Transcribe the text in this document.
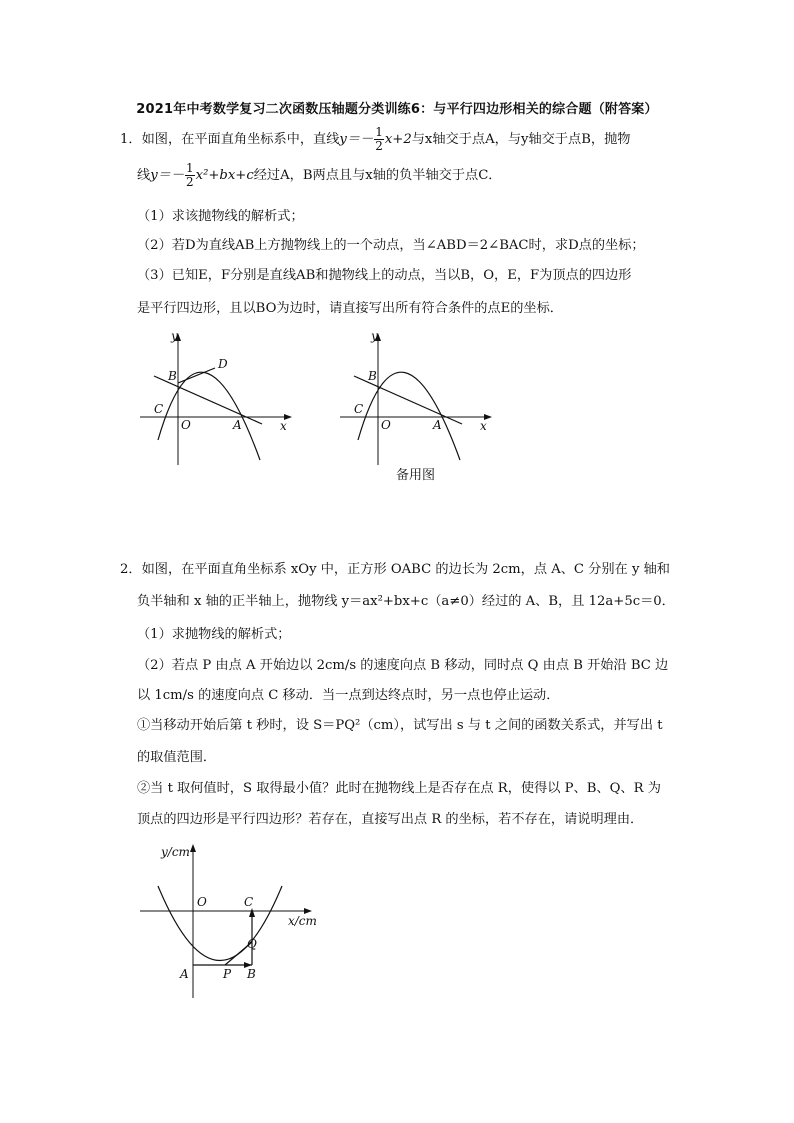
2021年中考数学复习二次函数压轴题分类训练6：与平行四边形相关的综合题（附答案）
1．如图，在平面直角坐标系中，直线$y=- \frac{1}{2} x+2$与x轴交于点A，与y轴交于点B，抛物
线$y=- \frac{1}{2} x^2+bx+c$经过A，B两点且与x轴的负半轴交于点C．
（1）求该抛物线的解析式；
（2）若D为直线AB上方抛物线上的一个动点，当∠ABD＝2∠BAC时，求D点的坐标；
（3）已知E，F分别是直线AB和抛物线上的动点，当以B，O，E，F为顶点的四边形
是平行四边形，且以BO为边时，请直接写出所有符合条件的点E的坐标．
y
x
B
D
C
O	A
y
x
B
C
O	A
备用图
2．如图，在平面直角坐标系 xOy 中，正方形 OABC 的边长为 2cm，点 A、C 分别在 y 轴和
负半轴和 x 轴的正半轴上，抛物线 y＝ax²+bx+c（a≠0）经过的 A、B，且 12a+5c＝0．
（1）求抛物线的解析式；
（2）若点 P 由点 A 开始边以 2cm/s 的速度向点 B 移动，同时点 Q 由点 B 开始沿 BC 边
以 1cm/s 的速度向点 C 移动．当一点到达终点时，另一点也停止运动．
①当移动开始后第 t 秒时，设 S＝PQ²（cm），试写出 s 与 t 之间的函数关系式，并写出 t
的取值范围．
②当 t 取何值时，S 取得最小值？此时在抛物线上是否存在点 R，使得以 P、B、Q、R 为
顶点的四边形是平行四边形？若存在，直接写出点 R 的坐标，若不存在，请说明理由．
y/cm
x/cm
O	C
Q
A	P B
